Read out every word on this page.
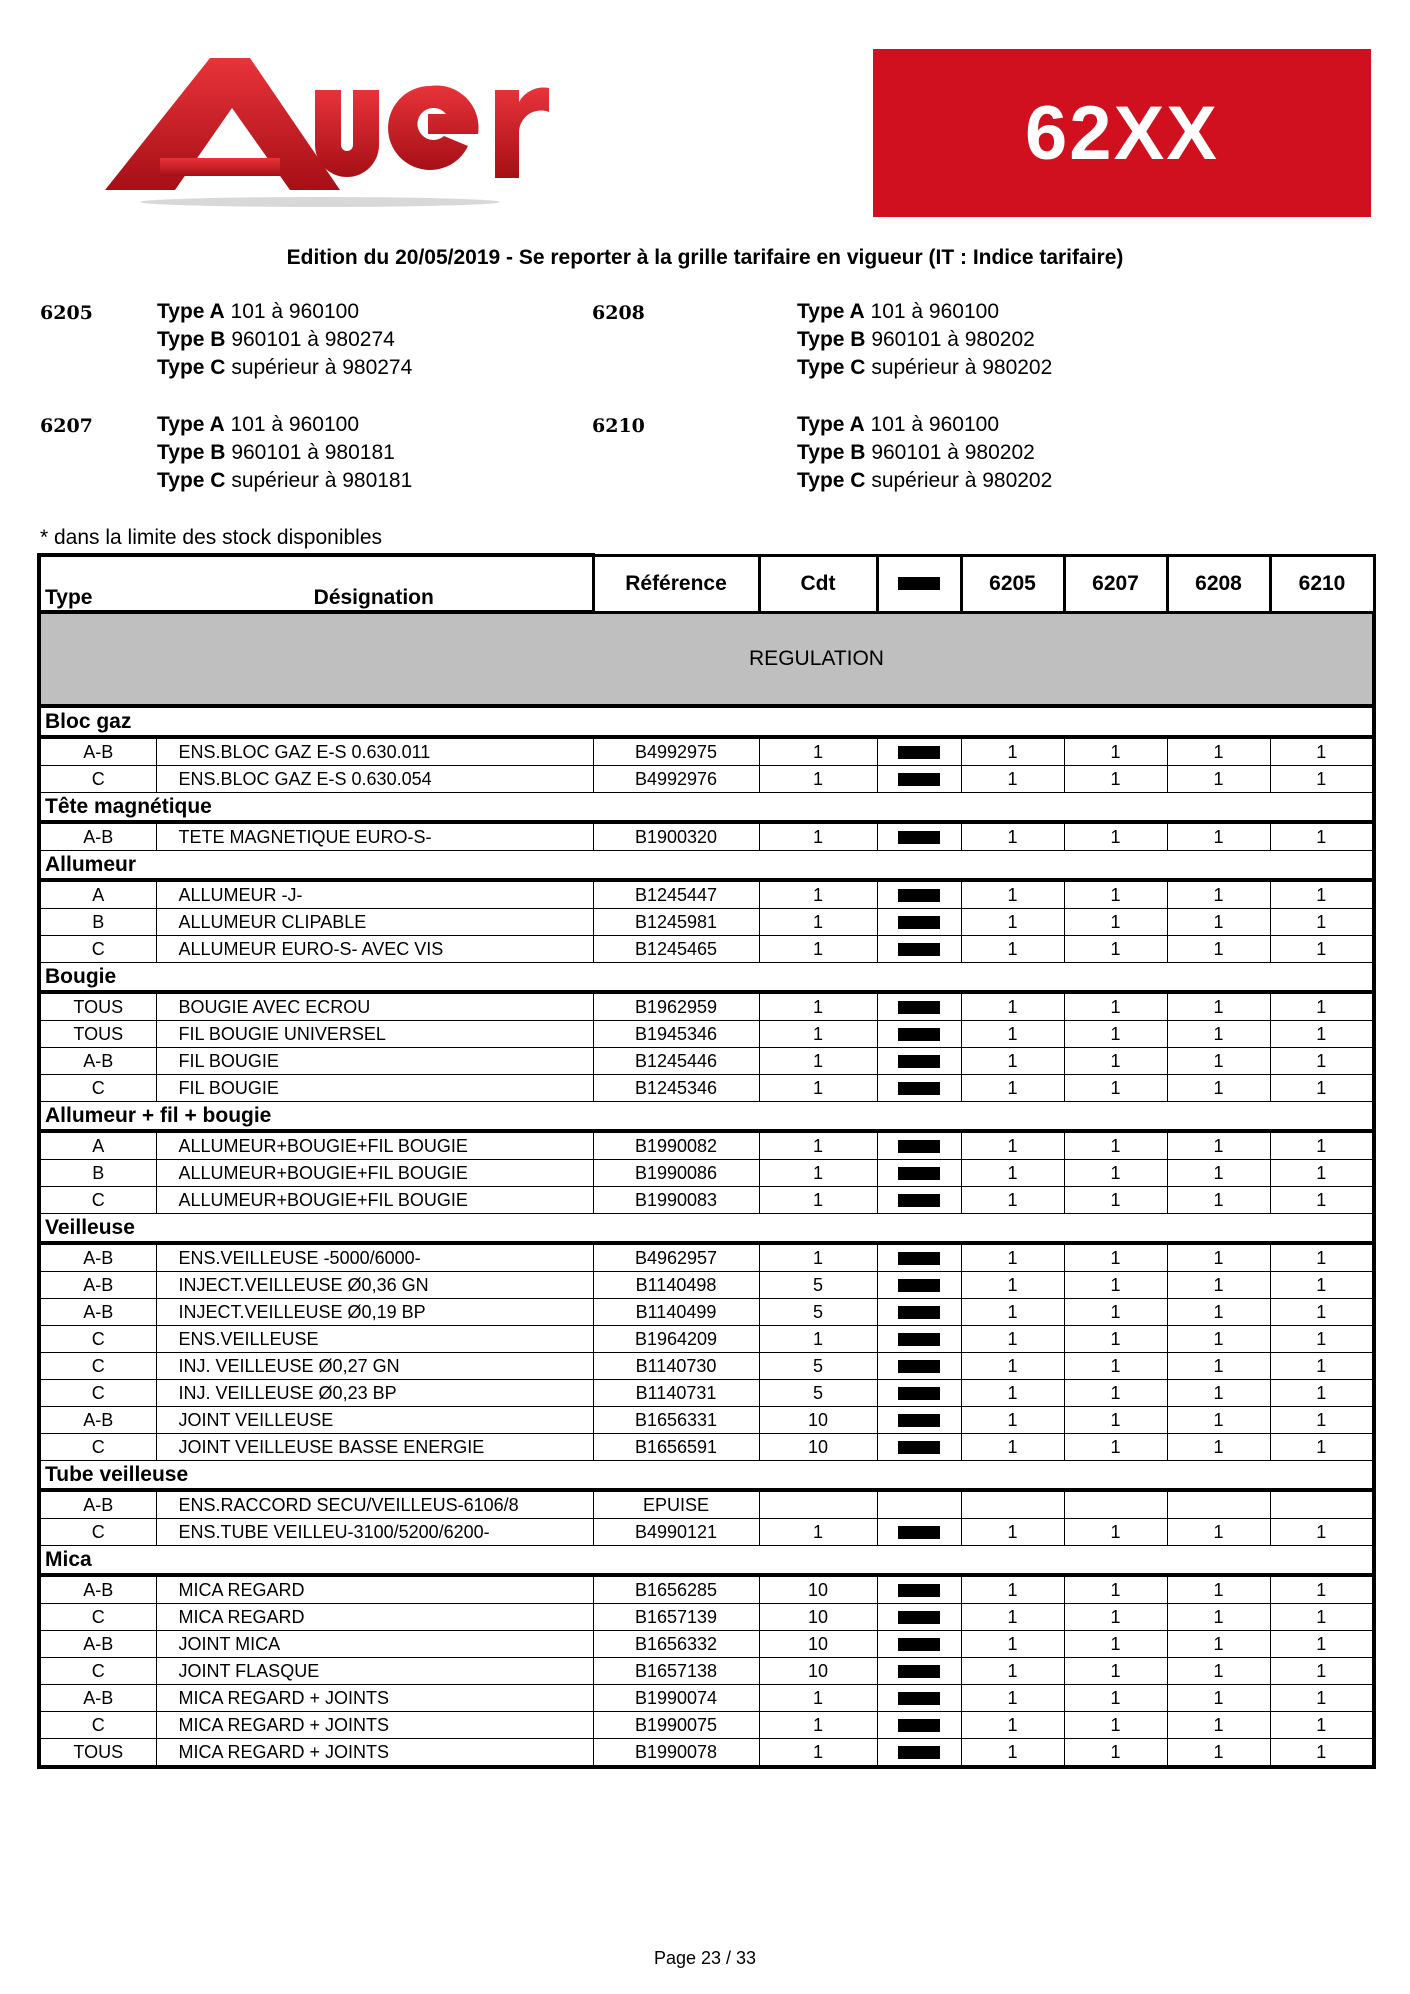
62XX
Edition du 20/05/2019 - Se reporter à la grille tarifaire en vigueur (IT : Indice tarifaire)
6205	Type A 101 à 960100
Type B 960101 à 980274
Type C supérieur à 980274
6208	Type A 101 à 960100
Type B 960101 à 980202
Type C supérieur à 980202
6207	Type A 101 à 960100
Type B 960101 à 980181
Type C supérieur à 980181
6210	Type A 101 à 960100
Type B 960101 à 980202
Type C supérieur à 980202
* dans la limite des stock disponibles
Type	Désignation	Référence	Cdt		6205	6207	6208	6210
REGULATION								
Bloc gaz								
A-B	ENS.BLOC GAZ E-S 0.630.011	B4992975	1		1	1	1	1
C	ENS.BLOC GAZ E-S 0.630.054	B4992976	1		1	1	1	1
Tête magnétique								
A-B	TETE MAGNETIQUE EURO-S-	B1900320	1		1	1	1	1
Allumeur								
A	ALLUMEUR -J-	B1245447	1		1	1	1	1
B	ALLUMEUR CLIPABLE	B1245981	1		1	1	1	1
C	ALLUMEUR EURO-S- AVEC VIS	B1245465	1		1	1	1	1
Bougie								
TOUS	BOUGIE AVEC ECROU	B1962959	1		1	1	1	1
TOUS	FIL BOUGIE UNIVERSEL	B1945346	1		1	1	1	1
A-B	FIL BOUGIE	B1245446	1		1	1	1	1
C	FIL BOUGIE	B1245346	1		1	1	1	1
Allumeur + fil + bougie								
A	ALLUMEUR+BOUGIE+FIL BOUGIE	B1990082	1		1	1	1	1
B	ALLUMEUR+BOUGIE+FIL BOUGIE	B1990086	1		1	1	1	1
C	ALLUMEUR+BOUGIE+FIL BOUGIE	B1990083	1		1	1	1	1
Veilleuse								
A-B	ENS.VEILLEUSE -5000/6000-	B4962957	1		1	1	1	1
A-B	INJECT.VEILLEUSE Ø0,36 GN	B1140498	5		1	1	1	1
A-B	INJECT.VEILLEUSE Ø0,19 BP	B1140499	5		1	1	1	1
C	ENS.VEILLEUSE	B1964209	1		1	1	1	1
C	INJ. VEILLEUSE Ø0,27 GN	B1140730	5		1	1	1	1
C	INJ. VEILLEUSE Ø0,23 BP	B1140731	5		1	1	1	1
A-B	JOINT VEILLEUSE	B1656331	10		1	1	1	1
C	JOINT VEILLEUSE BASSE ENERGIE	B1656591	10		1	1	1	1
Tube veilleuse								
A-B	ENS.RACCORD SECU/VEILLEUS-6106/8	EPUISE						
C	ENS.TUBE VEILLEU-3100/5200/6200-	B4990121	1		1	1	1	1
Mica								
A-B	MICA REGARD	B1656285	10		1	1	1	1
C	MICA REGARD	B1657139	10		1	1	1	1
A-B	JOINT MICA	B1656332	10		1	1	1	1
C	JOINT FLASQUE	B1657138	10		1	1	1	1
A-B	MICA REGARD + JOINTS	B1990074	1		1	1	1	1
C	MICA REGARD + JOINTS	B1990075	1		1	1	1	1
TOUS	MICA REGARD + JOINTS	B1990078	1		1	1	1	1
Page 23 / 33
